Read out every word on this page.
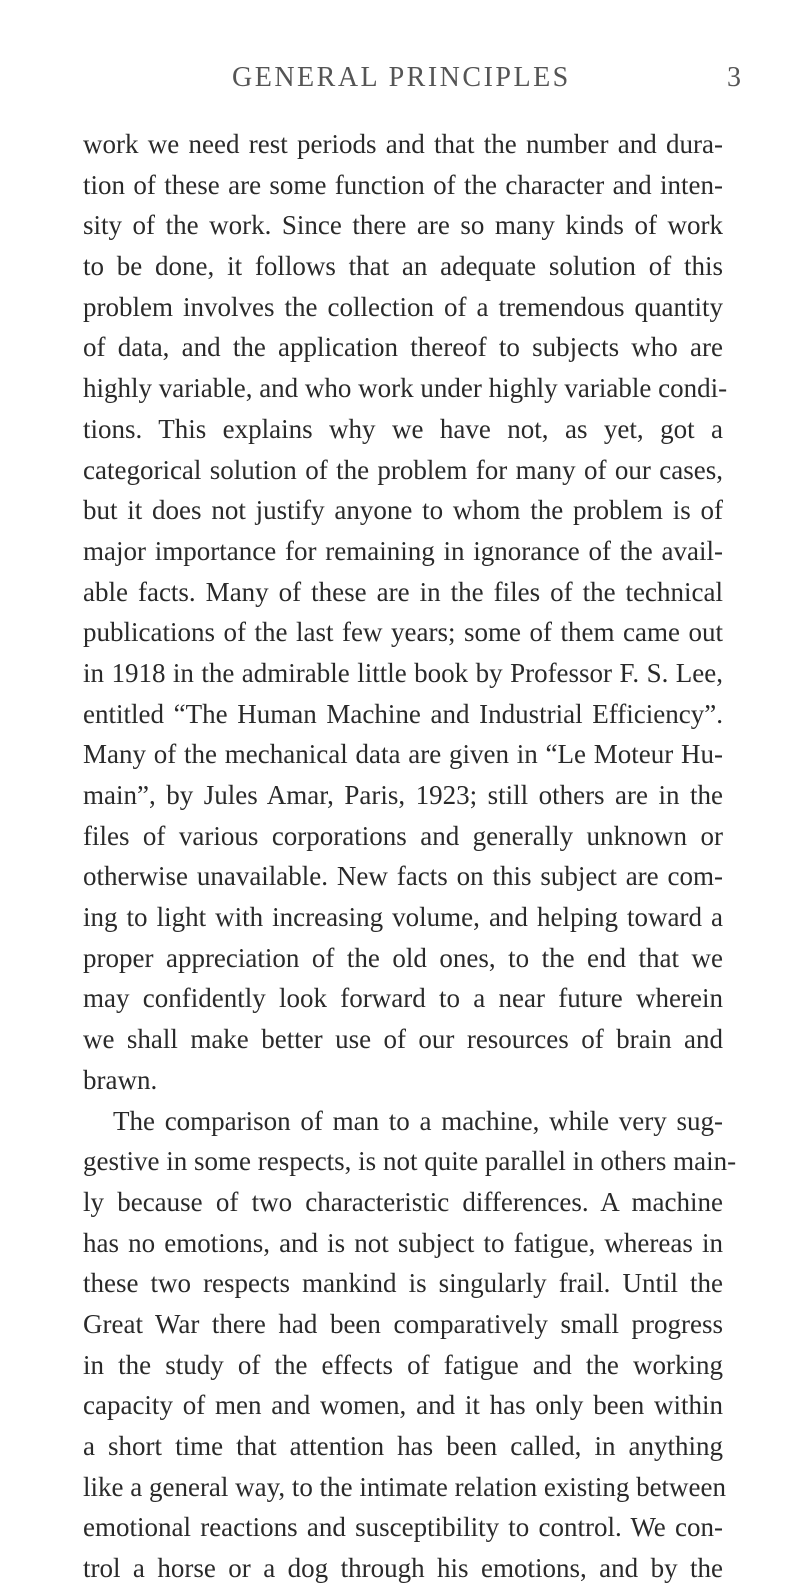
GENERAL PRINCIPLES	3
work we need rest periods and that the number and dura-
tion of these are some function of the character and inten-
sity of the work. Since there are so many kinds of work
to be done, it follows that an adequate solution of this
problem involves the collection of a tremendous quantity
of data, and the application thereof to subjects who are
highly variable, and who work under highly variable condi-
tions. This explains why we have not, as yet, got a
categorical solution of the problem for many of our cases,
but it does not justify anyone to whom the problem is of
major importance for remaining in ignorance of the avail-
able facts. Many of these are in the files of the technical
publications of the last few years; some of them came out
in 1918 in the admirable little book by Professor F. S. Lee,
entitled “The Human Machine and Industrial Efficiency”.
Many of the mechanical data are given in “Le Moteur Hu-
main”, by Jules Amar, Paris, 1923; still others are in the
files of various corporations and generally unknown or
otherwise unavailable. New facts on this subject are com-
ing to light with increasing volume, and helping toward a
proper appreciation of the old ones, to the end that we
may confidently look forward to a near future wherein
we shall make better use of our resources of brain and
brawn.
The comparison of man to a machine, while very sug-
gestive in some respects, is not quite parallel in others main-
ly because of two characteristic differences. A machine
has no emotions, and is not subject to fatigue, whereas in
these two respects mankind is singularly frail. Until the
Great War there had been comparatively small progress
in the study of the effects of fatigue and the working
capacity of men and women, and it has only been within
a short time that attention has been called, in anything
like a general way, to the intimate relation existing between
emotional reactions and susceptibility to control. We con-
trol a horse or a dog through his emotions, and by the
